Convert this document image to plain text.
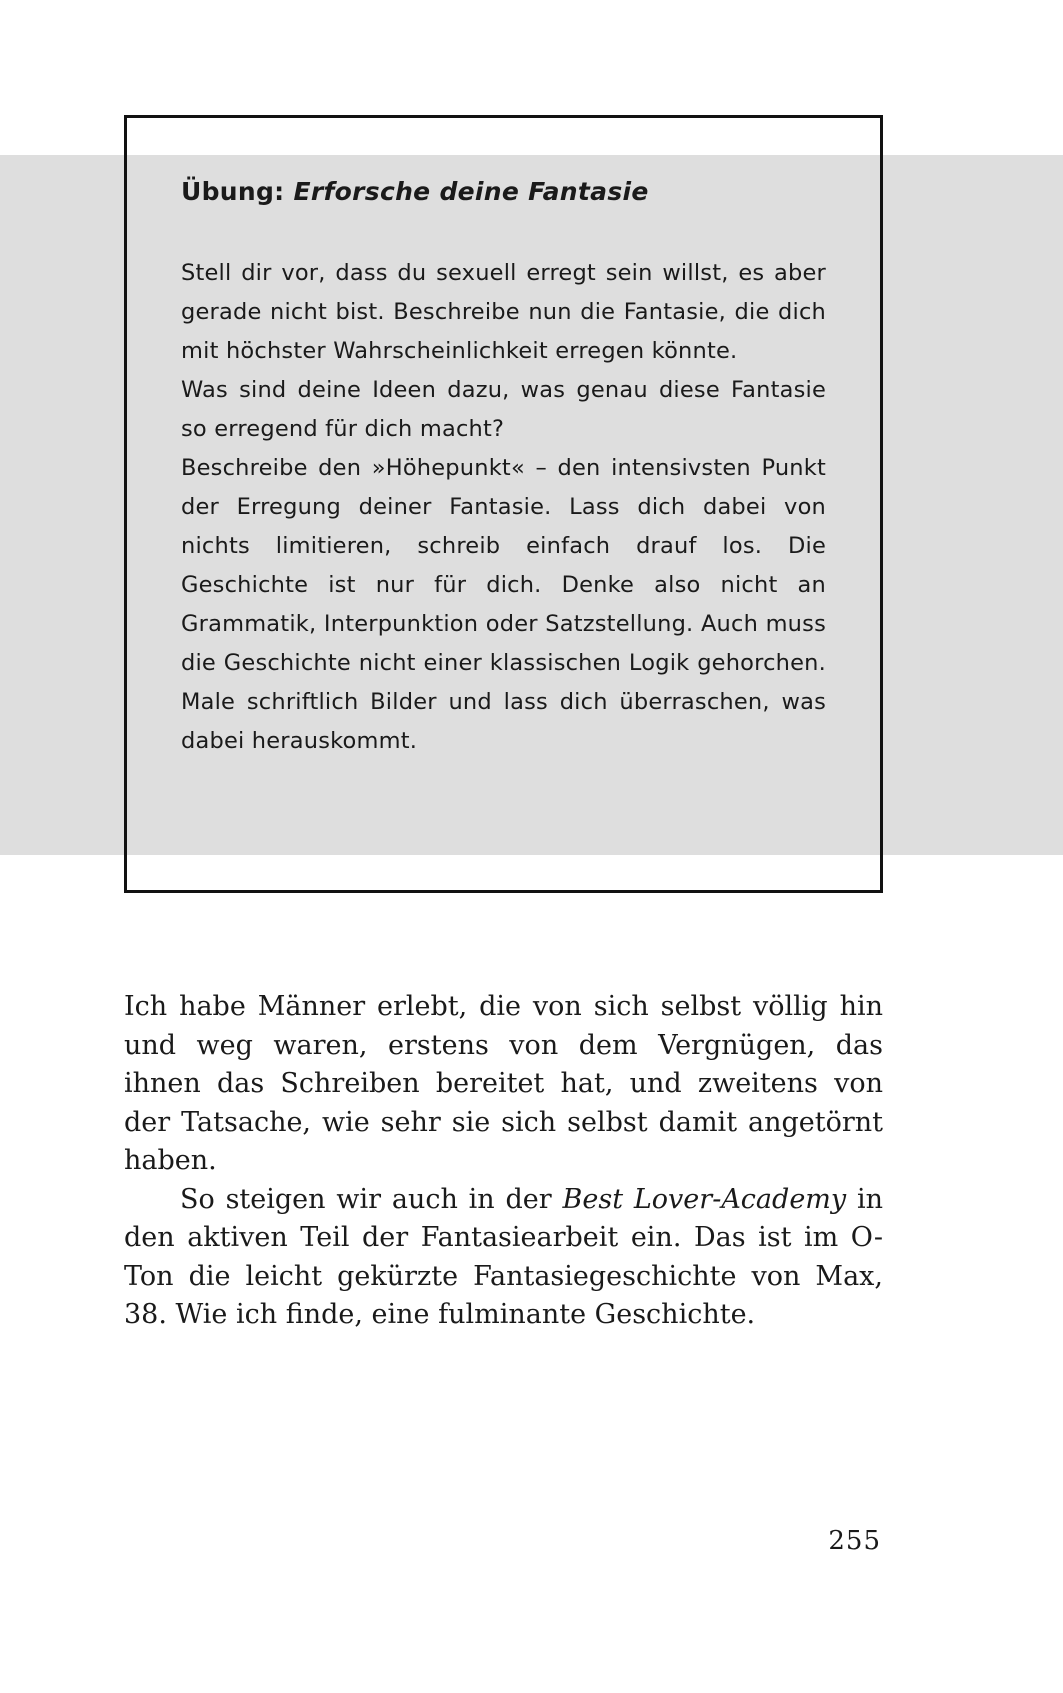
Übung: Erforsche deine Fantasie

Stell dir vor, dass du sexuell erregt sein willst, es aber gerade nicht bist. Beschreibe nun die Fantasie, die dich mit höchster Wahrscheinlichkeit erregen könnte.

Was sind deine Ideen dazu, was genau diese Fantasie so erregend für dich macht?

Beschreibe den »Höhepunkt« – den intensivsten Punkt der Erregung deiner Fantasie. Lass dich dabei von nichts limitieren, schreib einfach drauf los. Die Geschichte ist nur für dich. Denke also nicht an Grammatik, Interpunktion oder Satzstellung. Auch muss die Geschichte nicht einer klassischen Logik gehorchen. Male schriftlich Bilder und lass dich überraschen, was dabei herauskommt.

Ich habe Männer erlebt, die von sich selbst völlig hin und weg waren, erstens von dem Vergnügen, das ihnen das Schreiben bereitet hat, und zweitens von der Tatsache, wie sehr sie sich selbst damit angetörnt haben.

So steigen wir auch in der Best Lover-Academy in den aktiven Teil der Fantasiearbeit ein. Das ist im O-Ton die leicht gekürzte Fantasiegeschichte von Max, 38. Wie ich finde, eine fulminante Geschichte.

255
